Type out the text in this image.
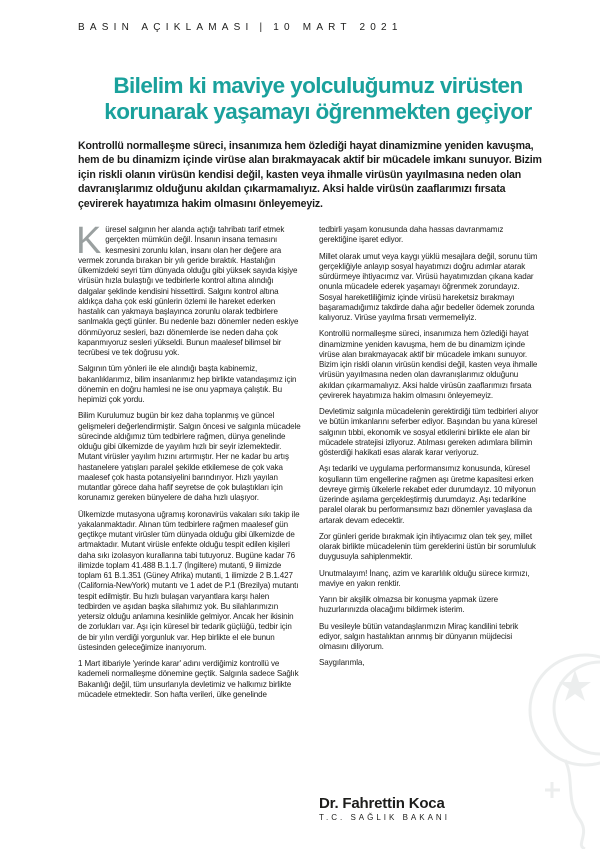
BASIN AÇIKLAMASI | 10 MART 2021
Bilelim ki maviye yolculuğumuz virüsten
korunarak yaşamayı öğrenmekten geçiyor
Kontrollü normalleşme süreci, insanımıza hem özlediği hayat dinamizmine yeniden kavuşma, hem de bu dinamizm içinde virüse alan bırakmayacak aktif bir mücadele imkanı sunuyor. Bizim için riskli olanın virüsün kendisi değil, kasten veya ihmalle virüsün yayılmasına neden olan davranışlarımız olduğunu akıldan çıkarmamalıyız. Aksi halde virüsün zaaflarımızı fırsata çevirerek hayatımıza hakim olmasını önleyemeyiz.

Küresel salgının her alanda açtığı tahribatı tarif etmek gerçekten mümkün değil. İnsanın insana temasını kesmesini zorunlu kılan, insanı olan her değere ara vermek zorunda bırakan bir yılı geride bıraktık. Hastalığın ülkemizdeki seyri tüm dünyada olduğu gibi yüksek sayıda kişiye virüsün hızla bulaştığı ve tedbirlerle kontrol altına alındığı dalgalar şeklinde kendisini hissettirdi. Salgını kontrol altına aldıkça daha çok eski günlerin özlemi ile hareket ederken hastalık can yakmaya başlayınca zorunlu olarak tedbirlere sanlmakla geçti günler. Bu nedenle bazı dönemler neden eskiye dönmüyoruz sesleri, bazı dönemlerde ise neden daha çok kapanmıyoruz sesleri yükseldi. Bunun maalesef bilimsel bir tecrübesi ve tek doğrusu yok.

Salgının tüm yönleri ile ele alındığı başta kabinemiz, bakanlıklarımız, bilim insanlarımız hep birlikte vatandaşımız için dönemin en doğru hamlesi ne ise onu yapmaya çalıştık. Bu hepimizi çok yordu.

Bilim Kurulumuz bugün bir kez daha toplanmış ve güncel gelişmeleri değerlendirmiştir. Salgın öncesi ve salgınla mücadele sürecinde aldığımız tüm tedbirlere rağmen, dünya genelinde olduğu gibi ülkemizde de yayılım hızlı bir seyir izlemektedir. Mutant virüsler yayılım hızını artırmıştır. Her ne kadar bu artış hastanelere yatışları paralel şekilde etkilemese de çok vaka maalesef çok hasta potansiyelini barındırıyor. Hızlı yayılan mutantlar görece daha hafif seyretse de çok bulaştıkları için korunamız gereken bünyelere de daha hızlı ulaşıyor.

Ülkemizde mutasyona uğramış koronavirüs vakaları sıkı takip ile yakalanmaktadır. Alınan tüm tedbirlere rağmen maalesef gün geçtikçe mutant virüsler tüm dünyada olduğu gibi ülkemizde de artmaktadır. Mutant virüsle enfekte olduğu tespit edilen kişileri daha sıkı izolasyon kurallarına tabi tutuyoruz. Bugüne kadar 76 ilimizde toplam 41.488 B.1.1.7 (İngiltere) mutanti, 9 ilimizde toplam 61 B.1.351 (Güney Afrika) mutanti, 1 ilimizde 2 B.1.427 (California-NewYork) mutantı ve 1 adet de P.1 (Brezilya) mutantı tespit edilmiştir. Bu hızlı bulaşan varyantlara karşı halen tedbirden ve aşıdan başka silahımız yok. Bu silahlarımızın yetersiz olduğu anlamına kesinlikle gelmiyor. Ancak her ikisinin de zorlukları var. Aşı için küresel bir tedarik güçlüğü, tedbir için de bir yılın verdiği yorgunluk var. Hep birlikte el ele bunun üstesinden geleceğimize inanıyorum.

1 Mart itibariyle 'yerinde karar' adını verdiğimiz kontrollü ve kademeli normalleşme dönemine geçtik. Salgınla sadece Sağlık Bakanlığı değil, tüm unsurlarıyla devletimiz ve halkımız birlikte mücadele etmektedir. Son hafta verileri, ülke genelinde

tedbirli yaşam konusunda daha hassas davranmamız gerektiğine işaret ediyor.

Millet olarak umut veya kaygı yüklü mesajlara değil, sorunu tüm gerçekliğiyle anlayıp sosyal hayatımızı doğru adımlar atarak sürdürmeye ihtiyacımız var. Virüsü hayatımızdan çıkana kadar onunla mücadele ederek yaşamayı öğrenmek zorundayız. Sosyal hareketliliğimiz içinde virüsü hareketsiz bırakmayı başaramadığımız takdirde daha ağır bedeller ödemek zorunda kalıyoruz. Virüse yayılma fırsatı vermemeliyiz.

Kontrollü normalleşme süreci, insanımıza hem özlediği hayat dinamizmine yeniden kavuşma, hem de bu dinamizm içinde virüse alan bırakmayacak aktif bir mücadele imkanı sunuyor. Bizim için riskli olanın virüsün kendisi değil, kasten veya ihmalle virüsün yayılmasına neden olan davranışlarımız olduğunu akıldan çıkarmamalıyız. Aksi halde virüsün zaaflarımızı fırsata çevirerek hayatımıza hakim olmasını önleyemeyiz.

Devletimiz salgınla mücadelenin gerektirdiği tüm tedbirleri alıyor ve bütün imkanlarını seferber ediyor. Başından bu yana küresel salgının tıbbi, ekonomik ve sosyal etkilerini birlikte ele alan bir mücadele stratejisi izliyoruz. Atılması gereken adımlara bilimin gösterdiği hakikati esas alarak karar veriyoruz.

Aşı tedariki ve uygulama performansımız konusunda, küresel koşulların tüm engellerine rağmen aşı üretme kapasitesi erken devreye girmiş ülkelerle rekabet eder durumdayız. 10 milyonun üzerinde aşılama gerçekleştirmiş durumdayız. Aşı tedarikine paralel olarak bu performansımız bazı dönemler yavaşlasa da artarak devam edecektir.

Zor günleri geride bırakmak için ihtiyacımız olan tek şey, millet olarak birlikte mücadelenin tüm gereklerini üstün bir sorumluluk duygusuyla sahiplenmektir.

Unutmalayım! İnanç, azim ve kararlılık olduğu sürece kırmızı, maviye en yakın renktir.

Yarın bir akşilik olmazsa bir konuşma yapmak üzere huzurlarınızda olacağımı bildirmek isterim.

Bu vesileyle bütün vatandaşlarımızın Miraç kandilini tebrik ediyor, salgın hastalıktan arınmış bir dünyanın müjdecisi olmasını diliyorum.

Saygılarımla,

Dr. Fahrettin Koca
T.C. SAĞLIK BAKANI
